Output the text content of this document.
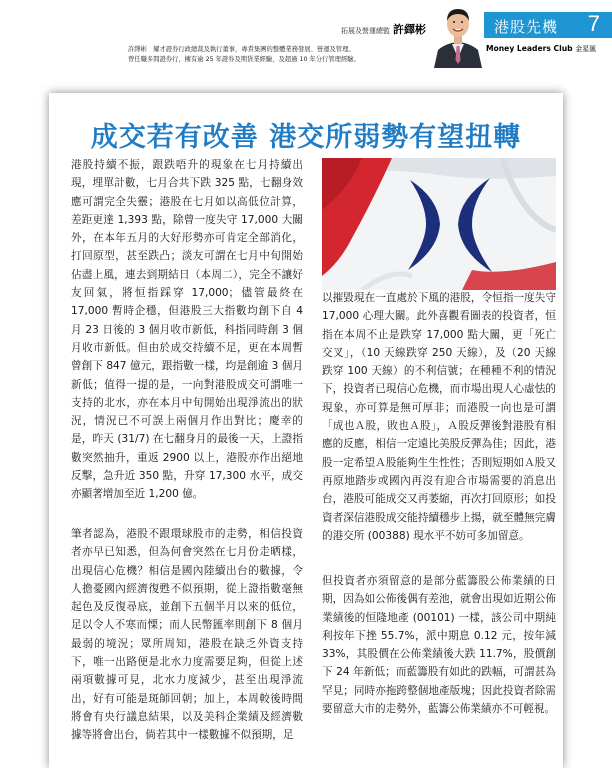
拓展及營運總監 許繹彬
許繹彬　耀才證券行政總裁及執行董事，專責集團的整體業務發展、營運及管理。
曾任職多間證券行，擁有逾 25 年證券及期貨業經驗，及超過 10 年分行管理經驗。
港股先機 7
Money Leaders Club 金星匯
成交若有改善 港交所弱勢有望扭轉
港股持續不振，跟跌唔升的現象在七月持續出現，埋單計數，七月合共下跌 325 點，七翻身效應可謂完全失靈；港股在七月如以高低位計算，差距更達 1,393 點，除曾一度失守 17,000 大關外，在本年五月的大好形勢亦可肯定全部消化，打回原型，甚至跌凸；淡友可謂在七月中旬開始佔盡上風，連去到期結日（本周二），完全不讓好友回氣，將恒指踩穿 17,000；儘管最終在 17,000 暫時企穩，但港股三大指數均創下自 4 月 23 日後的 3 個月收市新低，科指同時創 3 個月收市新低。但由於成交持續不足，更在本周暫曾創下 847 億元，跟指數一樣，均是創逾 3 個月新低；值得一提的是，一向對港股成交可謂唯一支持的北水，亦在本月中旬開始出現淨流出的狀況，情況已不可誤上兩個月作出對比；慶幸的是，昨天 (31/7) 在七翻身月的最後一天，上證指數突然抽升，重返 2900 以上，港股亦作出絕地反擊，急升近 350 點，升穿 17,300 水平，成交亦顯著增加至近 1,200 億。
筆者認為，港股不跟環球股市的走勢，相信投資者亦早已知悉，但為何會突然在七月份走晒樣，出現信心危機？相信是國內陸續出台的數據，令人擔憂國內經濟復甦不似預期，從上證指數毫無起色及反復尋底，並創下五個半月以來的低位，足以令人不寒而慄；而人民幣匯率則創下 8 個月最弱的境況；眾所周知，港股在缺乏外資支持下，唯一出路便是北水力度需要足夠，但從上述兩項數據可見，北水力度減少，甚至出現淨流出，好有可能是斑師回朝；加上，本周較後時間將會有央行議息結果，以及美科企業績及經濟數據等將會出台，倘若其中一樣數據不似預期，足
以摧毀現在一直處於下風的港股，令恒指一度失守 17,000 心理大關。此外喜觀看圖表的投資者，恒指在本周不止是跌穿 17,000 點大關，更「死亡交叉」，（10 天線跌穿 250 天線），及（20 天線跌穿 100 天線）的不利信號；在種種不利的情況下，投資者已現信心危機，而市場出現人心虛怯的現象，亦可算是無可厚非；而港股一向也是可謂「成也Ａ股，敗也Ａ股」，Ａ股反彈後對港股有相應的反應，相信一定遠比美股反彈為佳；因此，港股一定希望Ａ股能夠生生性性；否則短期如Ａ股又再原地踏步或國內再沒有迎合市場需要的消息出台，港股可能成交又再萎縮，再次打回原形；如投資者深信港股成交能持續穩步上揚，就至體無完膚的港交所 (00388) 現水平不妨可多加留意。
但投資者亦須留意的是部分藍籌股公佈業績的日期，因為如公佈後偶有差池，就會出現如近期公佈業績後的恒隆地產 (00101) 一樣，該公司中期純利按年下挫 55.7%，派中期息 0.12 元，按年減 33%，其股價在公佈業績後大跌 11.7%，股價創下 24 年新低；而藍籌股有如此的跌幅，可謂甚為罕見；同時亦拖跨整個地產版塊；因此投資者除需要留意大市的走勢外，藍籌公佈業績亦不可輕視。
